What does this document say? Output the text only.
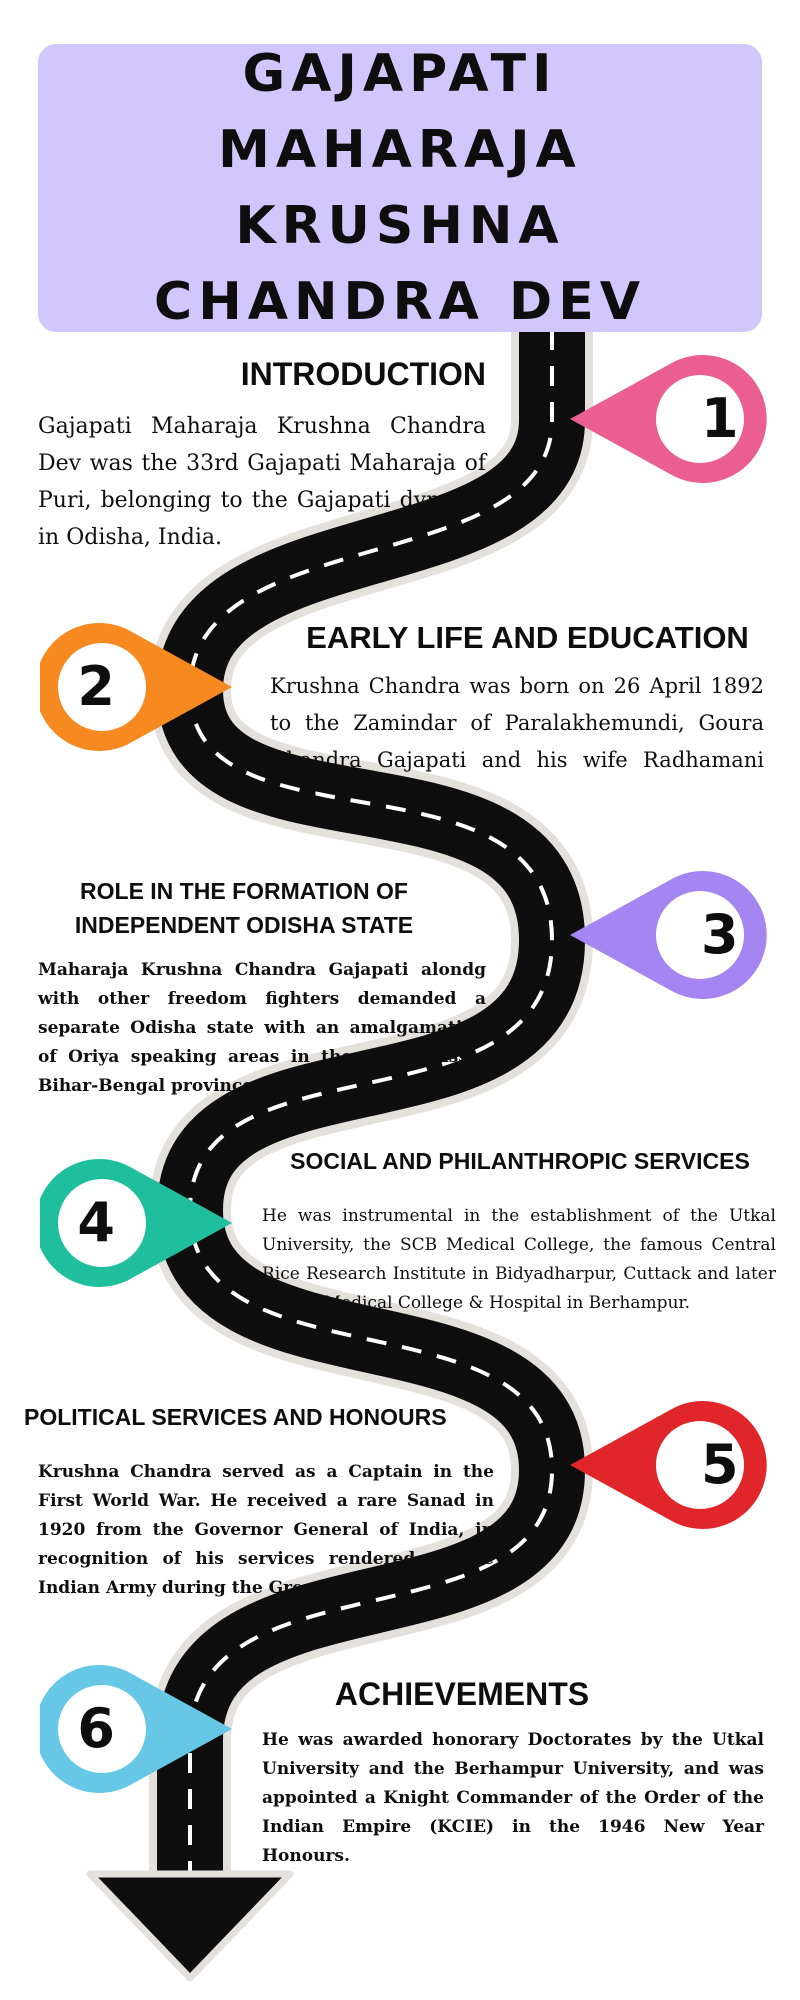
GAJAPATI MAHARAJA KRUSHNA CHANDRA DEV
1
2
3
4
5
6
INTRODUCTION

Gajapati Maharaja Krushna Chandra Dev was the 33rd Gajapati Maharaja of Puri, belonging to the Gajapati dynasty in Odisha, India.

EARLY LIFE AND EDUCATION

Krushna Chandra was born on 26 April 1892 to the Zamindar of Paralakhemundi, Goura Chandra Gajapati and his wife Radhamani Devi.

ROLE IN THE FORMATION OF INDEPENDENT ODISHA STATE

Maharaja Krushna Chandra Gajapati alondg with other freedom fighters demanded a separate Odisha state with an amalgamation of Oriya speaking areas in the then Orissa-Bihar-Bengal province.

SOCIAL AND PHILANTHROPIC SERVICES

He was instrumental in the establishment of the Utkal University, the SCB Medical College, the famous Central Rice Research Institute in Bidyadharpur, Cuttack and later MKCG Medical College & Hospital in Berhampur.

POLITICAL SERVICES AND HONOURS

Krushna Chandra served as a Captain in the First World War. He received a rare Sanad in 1920 from the Governor General of India, in recognition of his services rendered to the Indian Army during the Great War

ACHIEVEMENTS

He was awarded honorary Doctorates by the Utkal University and the Berhampur University, and was appointed a Knight Commander of the Order of the Indian Empire (KCIE) in the 1946 New Year Honours.
